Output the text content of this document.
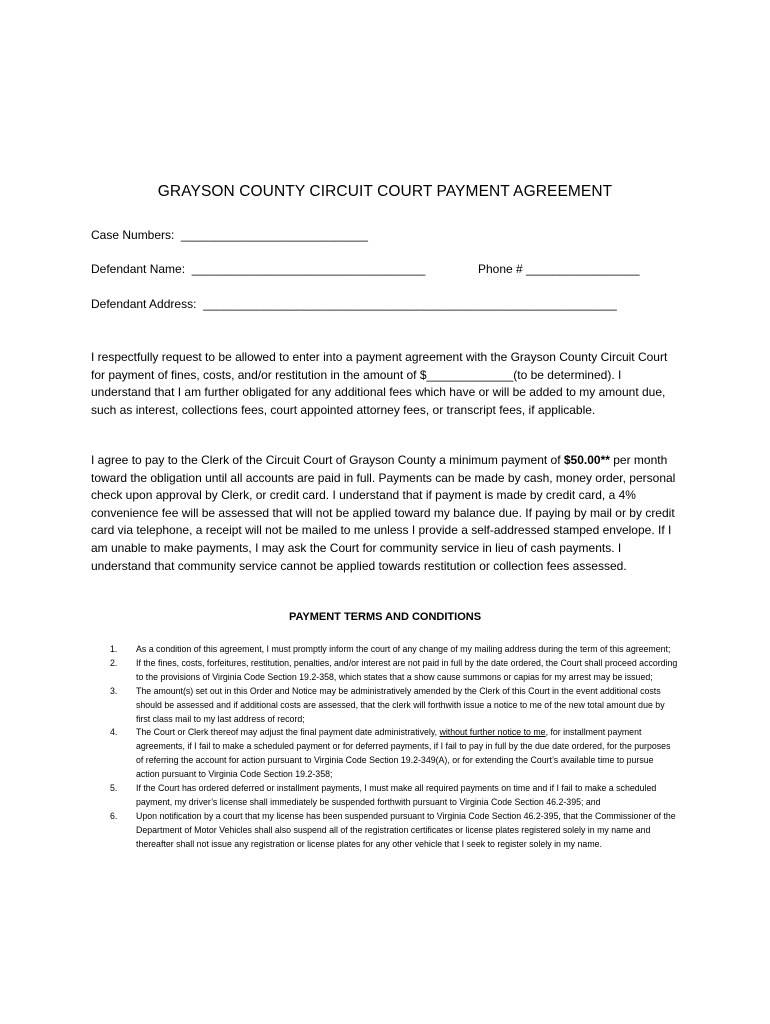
GRAYSON COUNTY CIRCUIT COURT PAYMENT AGREEMENT
Case Numbers:  ____________________________
Defendant Name:  ___________________________________	Phone # _________________
Defendant Address:  ______________________________________________________________
I respectfully request to be allowed to enter into a payment agreement with the Grayson County Circuit Court for payment of fines, costs, and/or restitution in the amount of $_____________(to be determined). I understand that I am further obligated for any additional fees which have or will be added to my amount due, such as interest, collections fees, court appointed attorney fees, or transcript fees, if applicable.
I agree to pay to the Clerk of the Circuit Court of Grayson County a minimum payment of $50.00** per month toward the obligation until all accounts are paid in full. Payments can be made by cash, money order, personal check upon approval by Clerk, or credit card. I understand that if payment is made by credit card, a 4% convenience fee will be assessed that will not be applied toward my balance due. If paying by mail or by credit card via telephone, a receipt will not be mailed to me unless I provide a self-addressed stamped envelope. If I am unable to make payments, I may ask the Court for community service in lieu of cash payments. I understand that community service cannot be applied towards restitution or collection fees assessed.
PAYMENT TERMS AND CONDITIONS
1. As a condition of this agreement, I must promptly inform the court of any change of my mailing address during the term of this agreement;
2. If the fines, costs, forfeitures, restitution, penalties, and/or interest are not paid in full by the date ordered, the Court shall proceed according to the provisions of Virginia Code Section 19.2-358, which states that a show cause summons or capias for my arrest may be issued;
3. The amount(s) set out in this Order and Notice may be administratively amended by the Clerk of this Court in the event additional costs should be assessed and if additional costs are assessed, that the clerk will forthwith issue a notice to me of the new total amount due by first class mail to my last address of record;
4. The Court or Clerk thereof may adjust the final payment date administratively, without further notice to me, for installment payment agreements, if I fail to make a scheduled payment or for deferred payments, if I fail to pay in full by the due date ordered, for the purposes of referring the account for action pursuant to Virginia Code Section 19.2-349(A), or for extending the Court’s available time to pursue action pursuant to Virginia Code Section 19.2-358;
5. If the Court has ordered deferred or installment payments, I must make all required payments on time and if I fail to make a scheduled payment, my driver’s license shall immediately be suspended forthwith pursuant to Virginia Code Section 46.2-395; and
6. Upon notification by a court that my license has been suspended pursuant to Virginia Code Section 46.2-395, that the Commissioner of the Department of Motor Vehicles shall also suspend all of the registration certificates or license plates registered solely in my name and thereafter shall not issue any registration or license plates for any other vehicle that I seek to register solely in my name.
